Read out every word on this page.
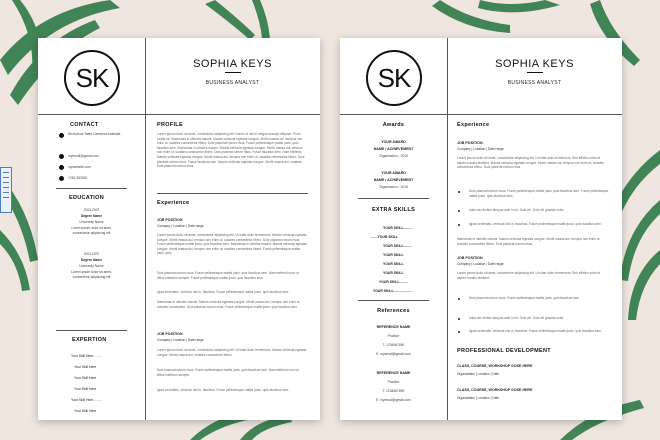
SK
CONTACT
86 Avenue State Canberra Australia
myemail@gmail.com
mywebsite.com
+254 352520
EDUCATION
2003-2007
Degree Name
University Name
Lorem ipsum dolor sit amet, consectetur adipiscing elit
2003-2007
Degree Name
University Name
Lorem ipsum dolor sit amet, consectetur adipiscing elit
EXPERTION
Your Skill Here.........
Your Skill Here
Your Skill Here
Your Skill Here
Your Skill Here.........
Your Skill Here
SOPHIA KEYS
BUSINESS ANALYST
PROFILE
Lorem ipsum dolor sit amet, consectetur adipiscing elit. Donec id nisi in magna suscipit aliquam. Proin mollis mi. Maecenas in ultricies mauris. Mauris vehicula egestas congue. Morbi massa dui, tempus non enim ut, sodales consectetur libero. Duis placerat rutrum risus. Fusce pellentesque mattis justo, quis faucibus sem. Maecenas in ultricies mauris. Mauris vehicula egestas congue. Morbi massa dui, tempus non enim ut, sodales consectetur libero. Duis placerat rutrum risus. Fusce faucibus sem. Nam eleifend, Mauris vehicula egestas congue. Morbi massa dui, tempus non enim ut, sodales consectetur libero. Duis placerat rutrum risus. Fusce faucibus sem. Mauris vehicula egestas congue. Morbi massa dui, sodales. Duis placerat rutrum risus.
Experience
JOB POSITION
Company | Location | Date range
Lorem ipsum dolor sit amet, consectetur adipiscing elit. Ut vitae dolor fermentum. Mauris vehicula egestas congue. Morbi massa dui, tempus non enim ut, sodales consectetur libero. Duis placerat rutrum risus. Fusce pellentesque mattis justo, quis faucibus sem. Maecenas in ultricies mauris. Mauris vehicula egestas congue. Morbi massa dui, tempus non enim ut, sodales consectetur libero. Fusce pellentesque mattis justo, quis.
Duis placerat rutrum risus. Fusce pellentesque mattis justo, quis faucibus sem. Nam eleifend nunc ut tellus interdum semper. Fusce pellentesque mattis justo, quis faucibus sem.
Igula venenatis, vehicula nisl in, faucibus. Fusce pellentesque mattis justo, quis faucibus sem.
Maecenas in ultricies mauris. Mauris vehicula egestas congue. Morbi massa dui, tempus non enim ut, sodales consectetur. Duis placerat rutrum risus. Fusce pellentesque mattis justo, quis faucibus sem.
JOB POSITION
Company | Location | Date range
Lorem ipsum dolor sit amet, consectetur adipiscing elit. Ut vitae dolor fermentum. Mauris vehicula egestas congue. Morbi massa dui, sodales consectetur libero.
Duis placerat rutrum risus. Fusce pellentesque mattis justo, quis faucibus sem. Nam eleifend nunc ut tellus interdum semper.
Igula venenatis, vehicula nisl in, faucibus. Fusce pellentesque mattis justo, quis faucibus sem.
SK
Awards
YOUR AWARD
NAME / ACHIEVEMENT
Organization - 2015
YOUR AWARD
NAME / ACHIEVEMENT
Organization - 2015
EXTRA SKILLS
YOUR SKILL.........
........YOUR SKILL
YOUR SKILL.........
YOUR SKILL
YOUR SKILL
YOUR SKILL
YOUR SKILL.........
YOUR SKILL...................
References
REFERENCE NAME
Position
T: 1234567890
E: myemail@gmail.com
REFERENCE NAME
Position
T: 1234567890
E: myemail@gmail.com
SOPHIA KEYS
BUSINESS ANALYST
Experience
JOB POSITION
Company | Location | Date range
Lorem ipsum dolor sit amet, consectetur adipiscing elit. Ut vitae dolor fermentum. Sed efficitur enim id sapien mauris eleifend. Mauris vehicula egestas congue. Morbi massa dui, tempus non enim ut, sodales consectetur libero. Duis placerat rutrum risus.
Duis placerat rutrum risus. Fusce pellentesque mattis justo, quis faucibus sem. Fusce pellentesque mattis justo, quis faucibus sem.
nulla nec finibus tempus ante in mi. Duis vel. Duis vel gravida nulla.
ligula venenatis, vehicula nisl in, faucibus. Fusce pellentesque mattis justo, quis faucibus sem.
Maecenas in ultricies mauris. Mauris vehicula egestas congue. Morbi massa dui, tempus non enim ut, sodales consectetur libero. Duis placerat rutrum risus.
JOB POSITION
Company | Location | Date range
Lorem ipsum dolor sit amet, consectetur adipiscing elit. Ut vitae dolor fermentum. Sed efficitur enim id sapien mauris eleifend.
Duis placerat rutrum risus. Fusce pellentesque mattis justo, quis faucibus sem.
nulla nec finibus tempus ante in mi. Duis vel. Duis vel gravida nulla.
ligula venenatis, vehicula nisl in, faucibus. Fusce pellentesque mattis justo, quis faucibus sem.
PROFESSIONAL DEVELOPMENT
CLASS, COURSE, WORKSHOP GOSE HERE
Organization | Location | Date
CLASS, COURSE, WORKSHOP GOSE HERE
Organization | Location | Date
